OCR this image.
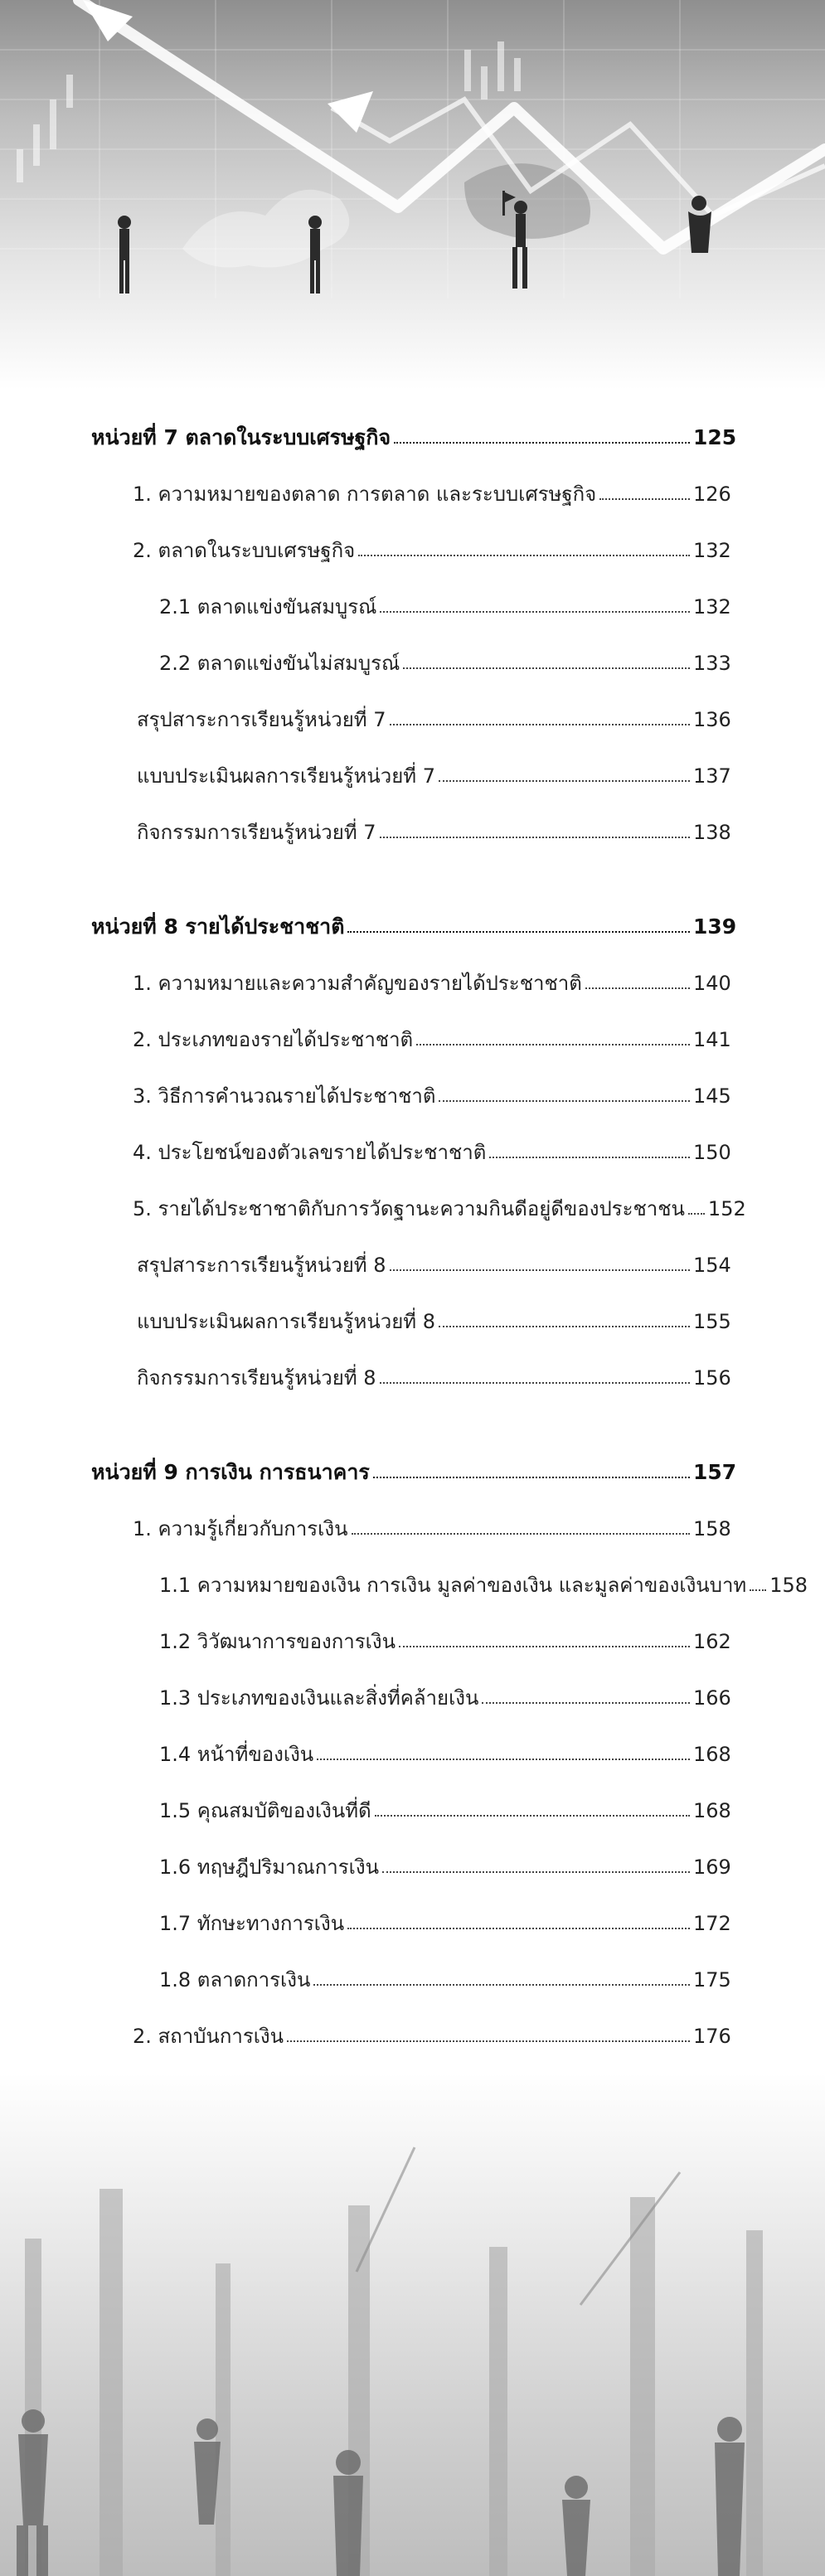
หน่วยที่ 7 ตลาดในระบบเศรษฐกิจ	125
1. ความหมายของตลาด การตลาด และระบบเศรษฐกิจ	126
2. ตลาดในระบบเศรษฐกิจ	132
2.1 ตลาดแข่งขันสมบูรณ์	132
2.2 ตลาดแข่งขันไม่สมบูรณ์	133
สรุปสาระการเรียนรู้หน่วยที่ 7	136
แบบประเมินผลการเรียนรู้หน่วยที่ 7	137
กิจกรรมการเรียนรู้หน่วยที่ 7	138
หน่วยที่ 8 รายได้ประชาชาติ	139
1. ความหมายและความสำคัญของรายได้ประชาชาติ	140
2. ประเภทของรายได้ประชาชาติ	141
3. วิธีการคำนวณรายได้ประชาชาติ	145
4. ประโยชน์ของตัวเลขรายได้ประชาชาติ	150
5. รายได้ประชาชาติกับการวัดฐานะความกินดีอยู่ดีของประชาชน 152
สรุปสาระการเรียนรู้หน่วยที่ 8	154
แบบประเมินผลการเรียนรู้หน่วยที่ 8	155
กิจกรรมการเรียนรู้หน่วยที่ 8	156
หน่วยที่ 9 การเงิน การธนาคาร	157
1. ความรู้เกี่ยวกับการเงิน	158
1.1 ความหมายของเงิน การเงิน มูลค่าของเงิน และมูลค่าของเงินบาท 158
1.2 วิวัฒนาการของการเงิน	162
1.3 ประเภทของเงินและสิ่งที่คล้ายเงิน	166
1.4 หน้าที่ของเงิน	168
1.5 คุณสมบัติของเงินที่ดี	168
1.6 ทฤษฎีปริมาณการเงิน	169
1.7 ทักษะทางการเงิน	172
1.8 ตลาดการเงิน	175
2. สถาบันการเงิน	176
